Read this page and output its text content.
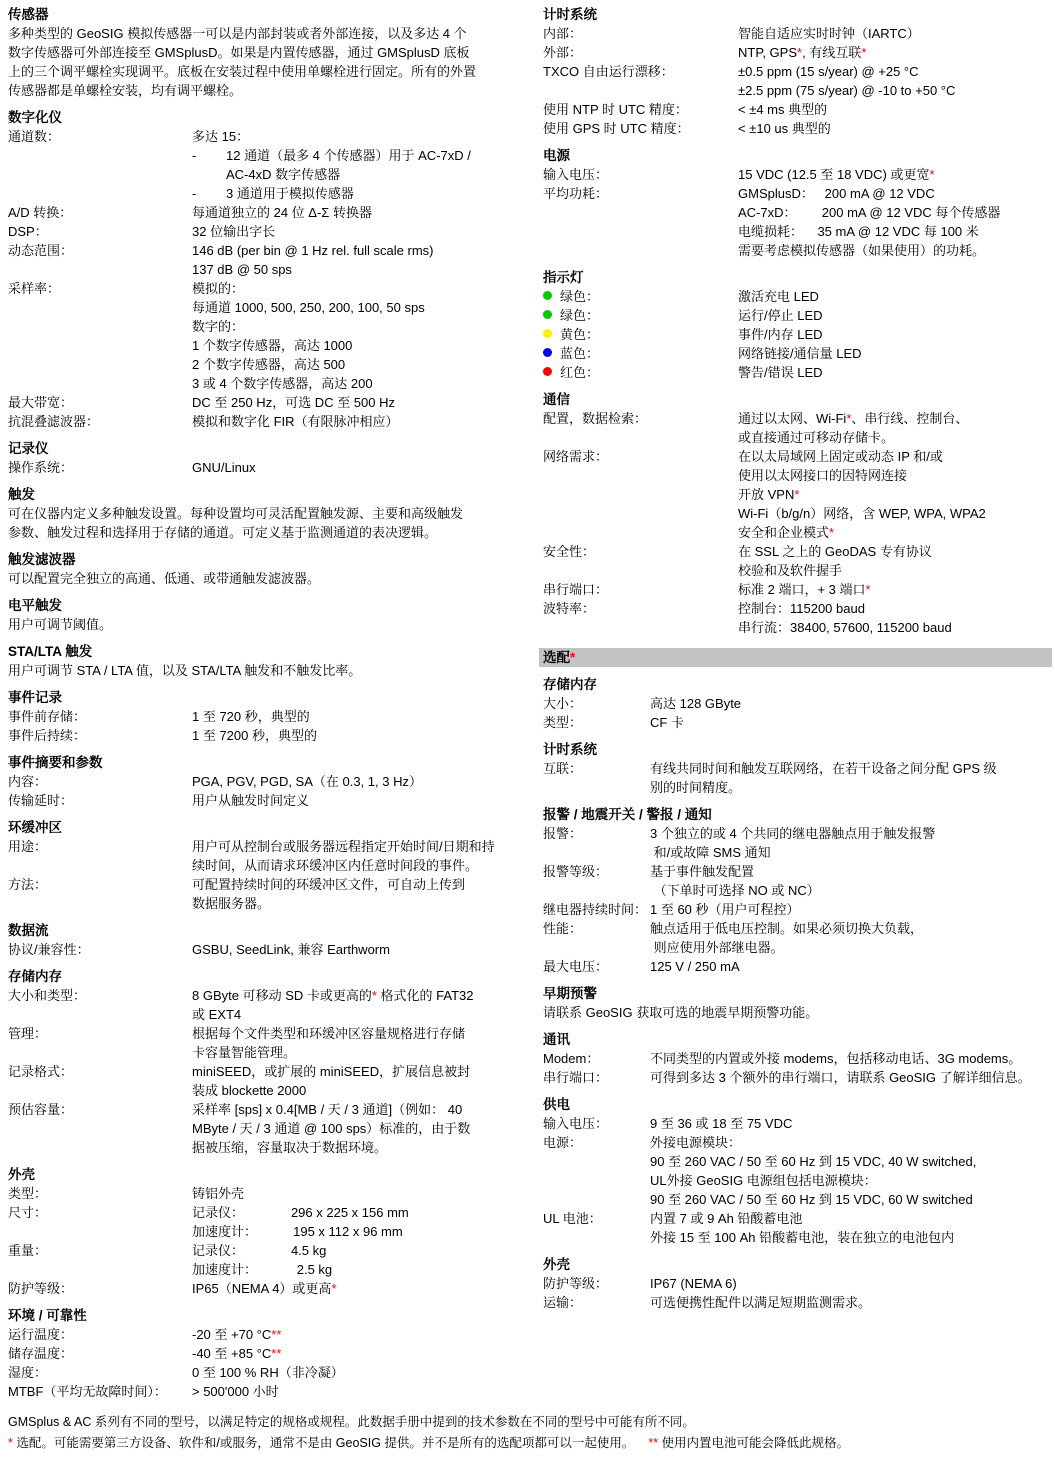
传感器
多种类型的 GeoSIG 模拟传感器一可以是内部封装或者外部连接，以及多达 4 个
数字传感器可外部连接至 GMSplusD。如果是内置传感器，通过 GMSplusD 底板
上的三个调平螺栓实现调平。底板在安装过程中使用单螺栓进行固定。所有的外置
传感器都是单螺栓安装，均有调平螺栓。
数字化仪
通道数：	多达 15：
- 12 通道（最多 4 个传感器）用于 AC-7xD /
AC-4xD 数字传感器
- 3 通道用于模拟传感器
A/D 转换：	每通道独立的 24 位 Δ-Σ 转换器
DSP：	32 位输出字长
动态范围：	146 dB (per bin @ 1 Hz rel. full scale rms)
137 dB @ 50 sps
采样率：	模拟的：
每通道 1000, 500, 250, 200, 100, 50 sps
数字的：
1 个数字传感器，高达 1000
2 个数字传感器，高达 500
3 或 4 个数字传感器，高达 200
最大带宽：	DC 至 250 Hz，可选 DC 至 500 Hz
抗混叠滤波器：	模拟和数字化 FIR（有限脉冲相应）
记录仪
操作系统：	GNU/Linux
触发
可在仪器内定义多种触发设置。每种设置均可灵活配置触发源、主要和高级触发
参数、触发过程和选择用于存储的通道。可定义基于监测通道的表决逻辑。
触发滤波器
可以配置完全独立的高通、低通、或带通触发滤波器。
电平触发
用户可调节阈值。
STA/LTA 触发
用户可调节 STA / LTA 值，以及 STA/LTA 触发和不触发比率。
事件记录
事件前存储：	1 至 720 秒，典型的
事件后持续：	1 至 7200 秒，典型的
事件摘要和参数
内容：	PGA, PGV, PGD, SA（在 0.3, 1, 3 Hz）
传输延时：	用户从触发时间定义
环缓冲区
用途：	用户可从控制台或服务器远程指定开始时间/日期和持
续时间，从而请求环缓冲区内任意时间段的事件。
方法：	可配置持续时间的环缓冲区文件，可自动上传到
数据服务器。
数据流
协议/兼容性：	GSBU, SeedLink, 兼容 Earthworm
存储内存
大小和类型：	8 GByte 可移动 SD 卡或更高的* 格式化的 FAT32
或 EXT4
管理：	根据每个文件类型和环缓冲区容量规格进行存储
卡容量智能管理。
记录格式：	miniSEED，或扩展的 miniSEED，扩展信息被封
装成 blockette 2000
预估容量：	采样率 [sps] x 0.4[MB / 天 / 3 通道]（例如： 40
MByte / 天 / 3 通道 @ 100 sps）标准的，由于数
据被压缩，容量取决于数据环境。
外壳
类型：	铸铝外壳
尺寸：	记录仪：             296 x 225 x 156 mm
加速度计：          195 x 112 x 96 mm
重量：	记录仪：             4.5 kg
加速度计：           2.5 kg
防护等级：	IP65（NEMA 4）或更高*
环境 / 可靠性
运行温度：	-20 至 +70 °C**
储存温度：	-40 至 +85 °C**
湿度：	0 至 100 % RH（非冷凝）
MTBF（平均无故障时间）：	> 500'000 小时
计时系统
内部：	智能自适应实时时钟（IARTC）
外部：	NTP, GPS*, 有线互联*
TXCO 自由运行漂移：	±0.5 ppm (15 s/year) @ +25 °C
±2.5 ppm (75 s/year) @ -10 to +50 °C
使用 NTP 时 UTC 精度：	< ±4 ms 典型的
使用 GPS 时 UTC 精度：	< ±10 us 典型的
电源
输入电压：	15 VDC (12.5 至 18 VDC) 或更宽*
平均功耗：	GMSplusD：   200 mA @ 12 VDC
AC-7xD：       200 mA @ 12 VDC 每个传感器
电缆损耗：    35 mA @ 12 VDC 每 100 米
需要考虑模拟传感器（如果使用）的功耗。
指示灯
绿色：	激活充电 LED
绿色：	运行/停止 LED
黄色：	事件/内存 LED
蓝色：	网络链接/通信量 LED
红色：	警告/错误 LED
通信
配置，数据检索：	通过以太网、Wi-Fi*、串行线、控制台、
或直接通过可移动存储卡。
网络需求：	在以太局域网上固定或动态 IP 和/或
使用以太网接口的因特网连接
开放 VPN*
Wi-Fi（b/g/n）网络，含 WEP, WPA, WPA2
安全和企业模式*
安全性：	在 SSL 之上的 GeoDAS 专有协议
校验和及软件握手
串行端口：	标准 2 端口，+ 3 端口*
波特率：	控制台：115200 baud
串行流：38400, 57600, 115200 baud
选配*
存储内存
大小：	高达 128 GByte
类型：	CF 卡
计时系统
互联：	有线共同时间和触发互联网络，在若干设备之间分配 GPS 级
别的时间精度。
报警 / 地震开关 / 警报 / 通知
报警：	3 个独立的或 4 个共同的继电器触点用于触发报警
和/或故障 SMS 通知
报警等级：	基于事件触发配置
（下单时可选择 NO 或 NC）
继电器持续时间： 1 至 60 秒（用户可程控）
性能：	触点适用于低电压控制。如果必须切换大负载，
则应使用外部继电器。
最大电压：	125 V / 250 mA
早期预警
请联系 GeoSIG 获取可选的地震早期预警功能。
通讯
Modem：	不同类型的内置或外接 modems，包括移动电话、3G modems。
串行端口：	可得到多达 3 个额外的串行端口，请联系 GeoSIG 了解详细信息。
供电
输入电压：	9 至 36 或 18 至 75 VDC
电源：	外接电源模块：
90 至 260 VAC / 50 至 60 Hz 到 15 VDC, 40 W switched,
UL外接 GeoSIG 电源组包括电源模块：
90 至 260 VAC / 50 至 60 Hz 到 15 VDC, 60 W switched
UL 电池：	内置 7 或 9 Ah 铅酸蓄电池
外接 15 至 100 Ah 铅酸蓄电池，装在独立的电池包内
外壳
防护等级：	IP67 (NEMA 6)
运输：	可选便携性配件以满足短期监测需求。
GMSplus & AC 系列有不同的型号，以满足特定的规格或规程。此数据手册中提到的技术参数在不同的型号中可能有所不同。
* 选配。可能需要第三方设备、软件和/或服务，通常不是由 GeoSIG 提供。并不是所有的选配项都可以一起使用。    ** 使用内置电池可能会降低此规格。
